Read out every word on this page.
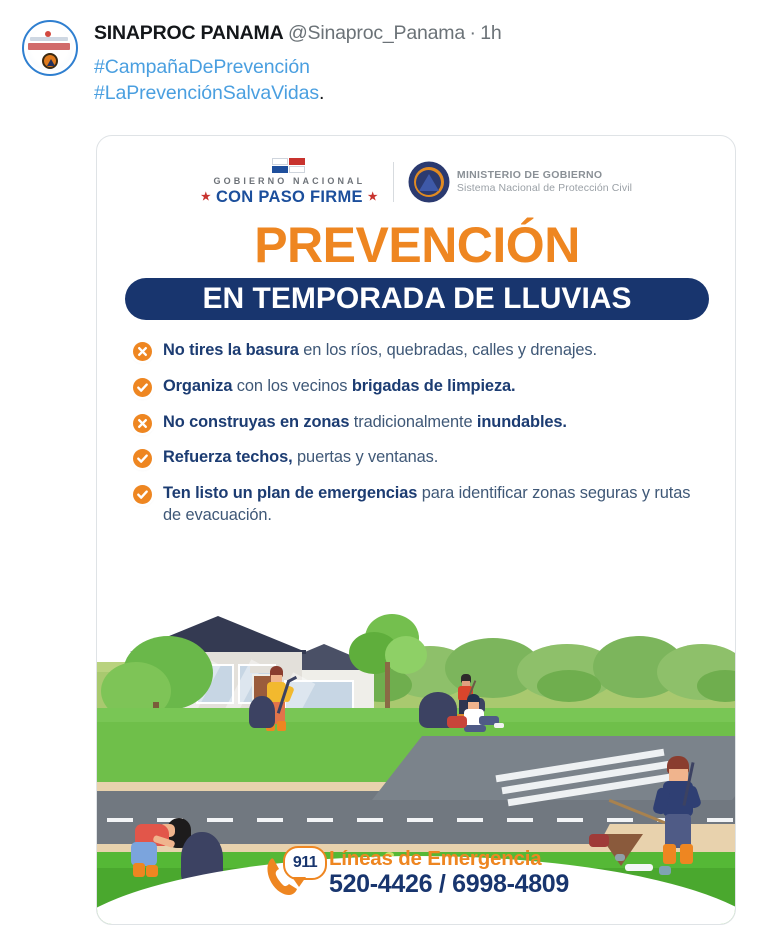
SINAPROC PANAMA @Sinaproc_Panama · 1h
#CampañaDePrevención
#LaPrevenciónSalvaVidas.
GOBIERNO NACIONAL
★ CON PASO FIRME ★
MINISTERIO DE GOBIERNO
Sistema Nacional de Protección Civil
PREVENCIÓN
EN TEMPORADA DE LLUVIAS
No tires la basura en los ríos, quebradas, calles y drenajes.
Organiza con los vecinos brigadas de limpieza.
No construyas en zonas tradicionalmente inundables.
Refuerza techos, puertas y ventanas.
Ten listo un plan de emergencias para identificar zonas seguras y rutas de evacuación.
911 Líneas de Emergencia
520-4426 / 6998-4809
